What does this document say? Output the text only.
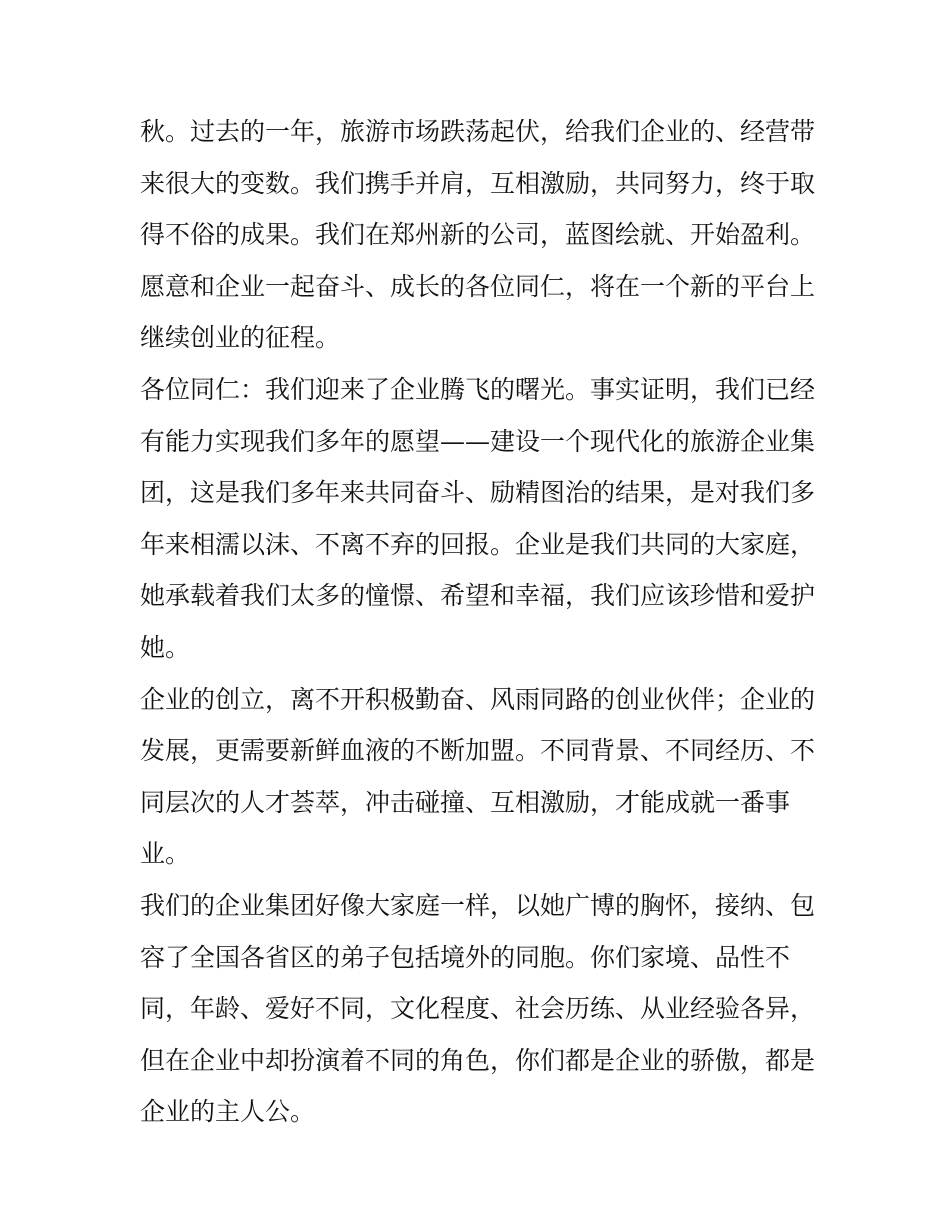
秋。过去的一年，旅游市场跌荡起伏，给我们企业的、经营带
来很大的变数。我们携手并肩，互相激励，共同努力，终于取
得不俗的成果。我们在郑州新的公司，蓝图绘就、开始盈利。
愿意和企业一起奋斗、成长的各位同仁，将在一个新的平台上
继续创业的征程。
各位同仁：我们迎来了企业腾飞的曙光。事实证明，我们已经
有能力实现我们多年的愿望——建设一个现代化的旅游企业集
团，这是我们多年来共同奋斗、励精图治的结果，是对我们多
年来相濡以沫、不离不弃的回报。企业是我们共同的大家庭，
她承载着我们太多的憧憬、希望和幸福，我们应该珍惜和爱护
她。
企业的创立，离不开积极勤奋、风雨同路的创业伙伴；企业的
发展，更需要新鲜血液的不断加盟。不同背景、不同经历、不
同层次的人才荟萃，冲击碰撞、互相激励，才能成就一番事
业。
我们的企业集团好像大家庭一样，以她广博的胸怀，接纳、包
容了全国各省区的弟子包括境外的同胞。你们家境、品性不
同，年龄、爱好不同，文化程度、社会历练、从业经验各异，
但在企业中却扮演着不同的角色，你们都是企业的骄傲，都是
企业的主人公。
